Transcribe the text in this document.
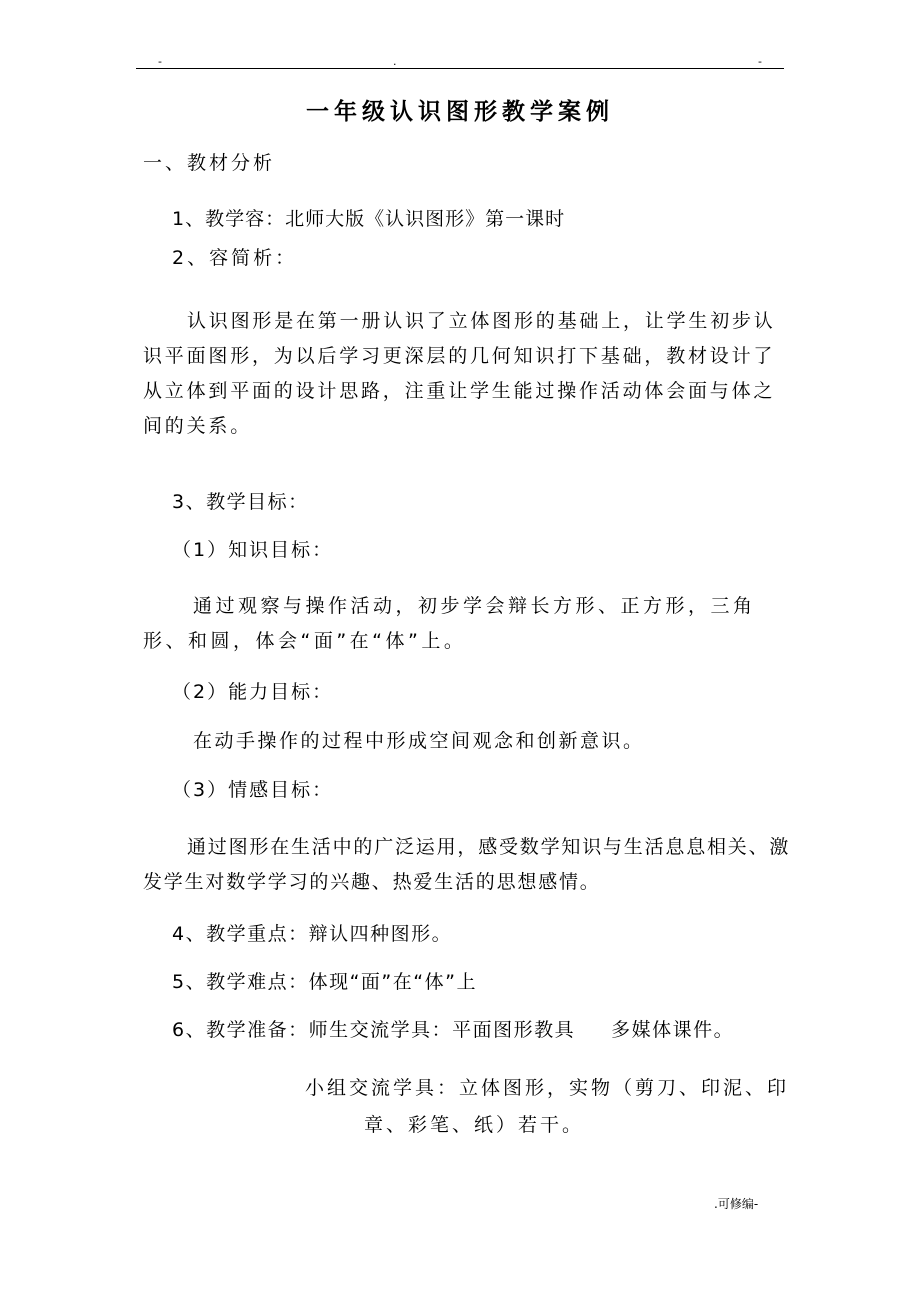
-	.	-
一年级认识图形教学案例
一、教材分析
1、教学容：北师大版《认识图形》第一课时
2、容简析：
认识图形是在第一册认识了立体图形的基础上，让学生初步认识平面图形，为以后学习更深层的几何知识打下基础，教材设计了从立体到平面的设计思路，注重让学生能过操作活动体会面与体之间的关系。
3、教学目标：
（1）知识目标：
通过观察与操作活动，初步学会辩长方形、正方形，三角形、和圆，体会“面”在“体”上。
（2）能力目标：
在动手操作的过程中形成空间观念和创新意识。
（3）情感目标：
通过图形在生活中的广泛运用，感受数学知识与生活息息相关、激发学生对数学学习的兴趣、热爱生活的思想感情。
4、教学重点：辩认四种图形。
5、教学难点：体现“面”在“体”上
6、教学准备：师生交流学具：平面图形教具 多媒体课件。
小组交流学具：立体图形，实物（剪刀、印泥、印
章、彩笔、纸）若干。
.可修编-
